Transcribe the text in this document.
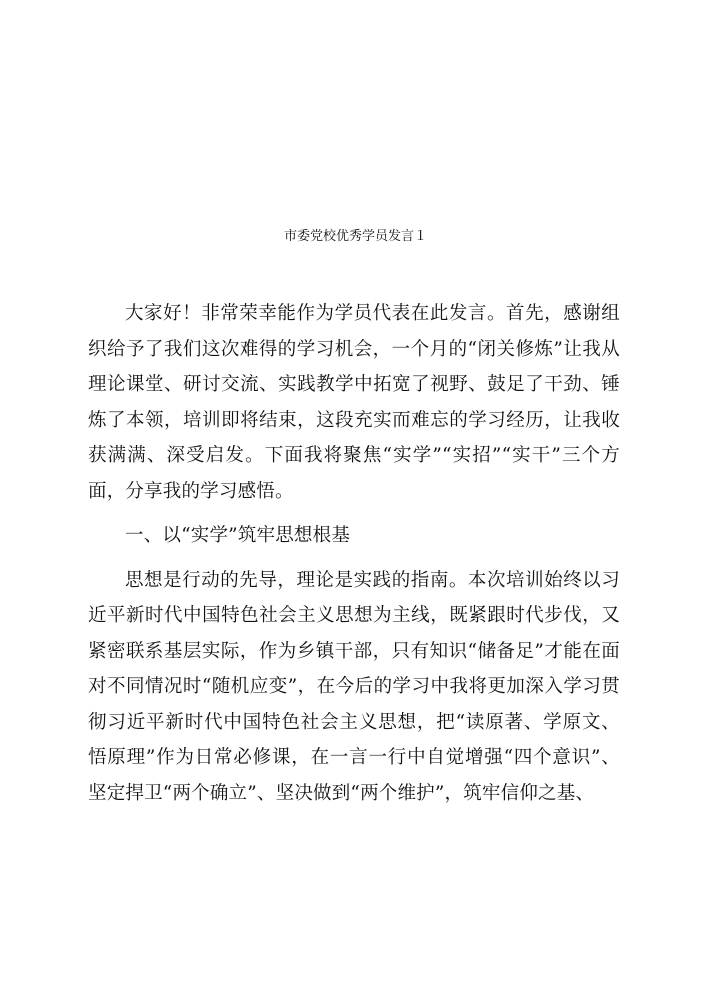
市委党校优秀学员发言１

大家好！非常荣幸能作为学员代表在此发言。首先，感谢组织给予了我们这次难得的学习机会，一个月的“闭关修炼”让我从理论课堂、研讨交流、实践教学中拓宽了视野、鼓足了干劲、锤炼了本领，培训即将结束，这段充实而难忘的学习经历，让我收获满满、深受启发。下面我将聚焦“实学”“实招”“实干”三个方面，分享我的学习感悟。

一、以“实学”筑牢思想根基

思想是行动的先导，理论是实践的指南。本次培训始终以习近平新时代中国特色社会主义思想为主线，既紧跟时代步伐，又紧密联系基层实际，作为乡镇干部，只有知识“储备足”才能在面对不同情况时“随机应变”，在今后的学习中我将更加深入学习贯彻习近平新时代中国特色社会主义思想，把“读原著、学原文、悟原理”作为日常必修课，在一言一行中自觉增强“四个意识”、坚定捍卫“两个确立”、坚决做到“两个维护”，筑牢信仰之基、
